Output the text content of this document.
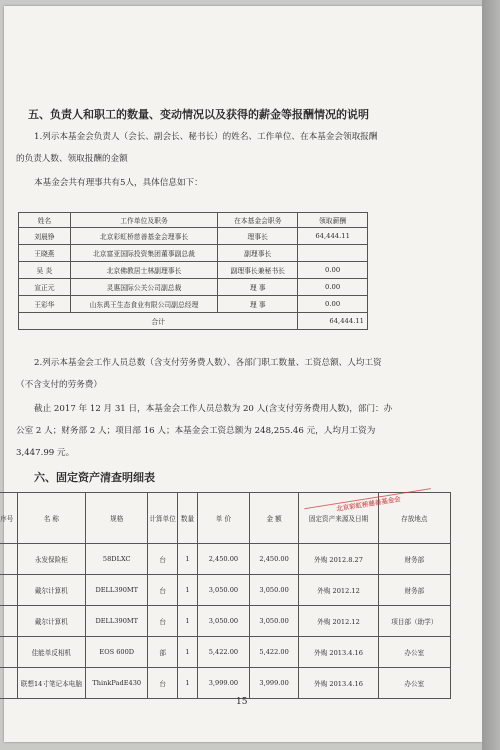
五、负责人和职工的数量、变动情况以及获得的薪金等报酬情况的说明
1.列示本基金会负责人（会长、副会长、秘书长）的姓名、工作单位、在本基金会领取报酬
的负责人数、领取报酬的金额
本基金会共有理事共有5人，具体信息如下：
姓名	工作单位及职务	在本基金会职务	领取薪酬
刘晨铮	北京彩虹桥慈善基金会理事长	理事长	64,444.11
王晓燕	北京富亚国际投资集团董事副总裁	副理事长	
吴 炎	北京佛教居士林副理事长	副理事长兼秘书长	0.00
宣正元	灵惠国际公关公司副总裁	理 事	0.00
王彩华	山东禹王生态食业有限公司副总经理	理 事	0.00
合计			64,444.11
2.列示本基金会工作人员总数（含支付劳务费人数）、各部门职工数量、工资总额、人均工资
（不含支付的劳务费）
截止 2017 年 12 月 31 日，本基金会工作人员总数为 20 人(含支付劳务费用人数)，部门：办
公室 2 人；财务部 2 人；项目部 16 人；本基金会工资总额为 248,255.46 元，人均月工资为
3,447.99 元。
六、固定资产清查明细表
序号	名 称	规格	计算单位	数量	单 价	金 额	固定资产来源及日期	存放地点
	永发保险柜	58DLXC	台	1	2,450.00	2,450.00	外购 2012.8.27	财务部
	戴尔计算机	DELL390MT	台	1	3,050.00	3,050.00	外购 2012.12	财务部
	戴尔计算机	DELL390MT	台	1	3,050.00	3,050.00	外购 2012.12	项目部（助学）
	佳能单反相机	EOS 600D	部	1	5,422.00	5,422.00	外购 2013.4.16	办公室
	联想14寸笔记本电脑	ThinkPadE430	台	1	3,999.00	3,999.00	外购 2013.4.16	办公室
北京彩虹桥慈善基金会
15
